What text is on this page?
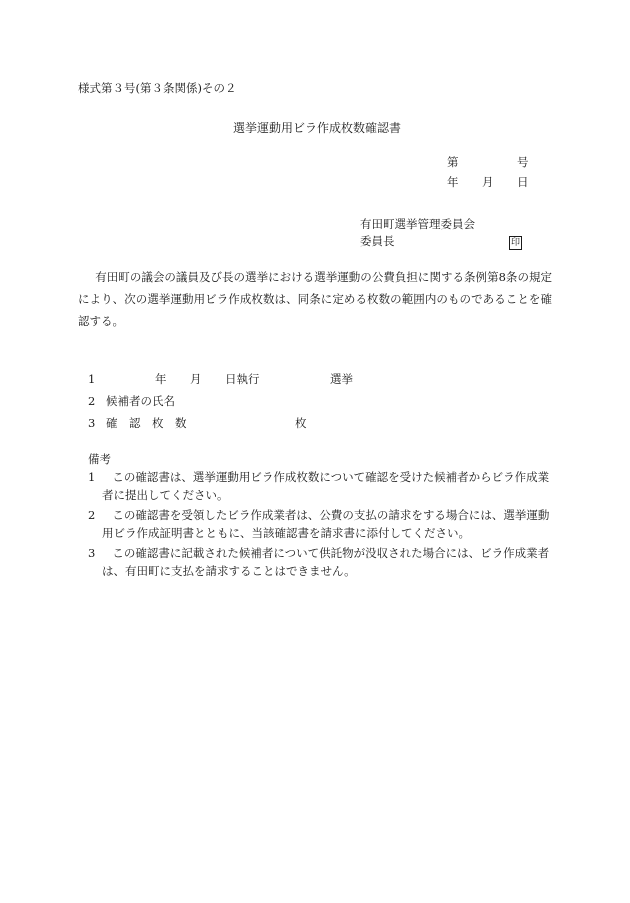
様式第３号(第３条関係)その２
選挙運動用ビラ作成枚数確認書
第	号
年 月 日
有田町選挙管理委員会
委員長	印
有田町の議会の議員及び長の選挙における選挙運動の公費負担に関する条例第8条の規定により、次の選挙運動用ビラ作成枚数は、同条に定める枚数の範囲内のものであることを確認する。
1	年 月 日執行	選挙
2 候補者の氏名
3 確　認　枚　数	枚
備考
1	この確認書は、選挙運動用ビラ作成枚数について確認を受けた候補者からビラ作成業者に提出してください。
2	この確認書を受領したビラ作成業者は、公費の支払の請求をする場合には、選挙運動用ビラ作成証明書とともに、当該確認書を請求書に添付してください。
3	この確認書に記載された候補者について供託物が没収された場合には、ビラ作成業者は、有田町に支払を請求することはできません。
